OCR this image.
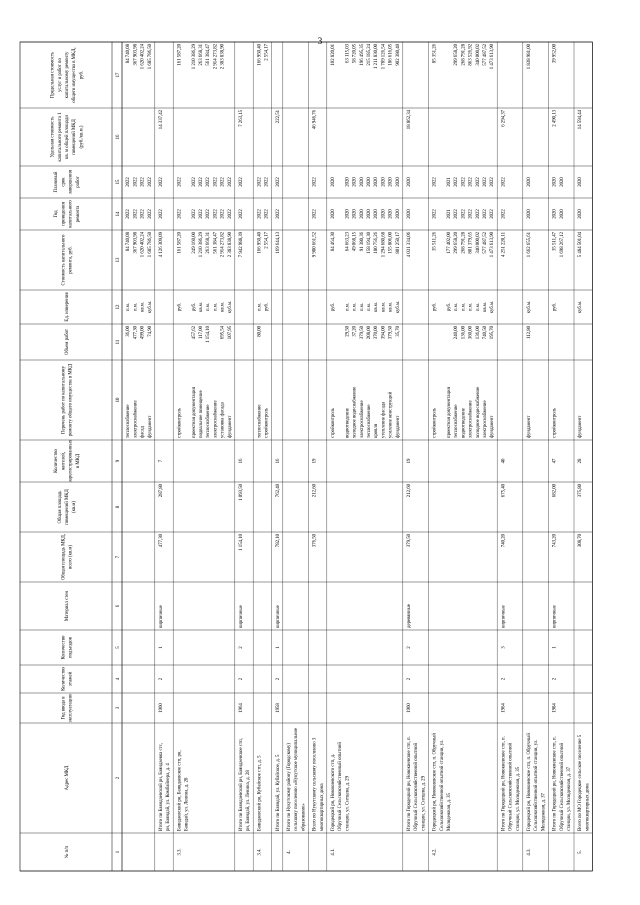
3
№ п/п
Адрес МКД
Год ввода в эксплуатацию
Количество этажей
Количество подъездов
Материал стен
Общая площадь МКД, всего (кв.м)
Общая площадь помещений МКД (кв.м)
Количество жителей, зарегистрированных в МКД
Перечень работ по капитальному ремонту общего имущества в МКД
Объем работ
Ед. измерения
Стоимость капитального ремонта, руб.
Год проведения капитального ремонта
Плановый срок завершения работ
Удельная стоимость капитального ремонта 1 кв. м общей площади помещений МКД (руб./кв.м.)
Предельная стоимость услуг и работ по капитальному ремонту общего имущества в МКД, руб.
1
2
3
4
5
6
7
8
9
10
11
12
13
14
15
16
17
теплоснабжение электроснабжение фасад фундамент
36,00 477,30 499,00 74,90
п.м. п.м. кв.м. куб.м.
84 740,08 367 903,98 1 620 402,24 1 685 786,50
2022 2022 2022 2022
2022 2022 2022 2022
84 740,08 367 903,98 1 620 402,24 1 685 786,50
Итого по Баяндаевский рн, Баяндаевка стс, рн, Баяндай, ул. Комбайнера, д. 4
1960
2
1
кирпичные
477,30
287,80
7
4 126 309,09
2022
2022
14 337,42
3.3.
Баяндаевский рн, Баяндаевское стп, рн, Баяндай, ул. Ленина, д. 28
стройконтроль проектная документация подвальное помещение теплоснабжение электроснабжение установка фасада фундамент
457,62 117,00 1 154,10 695,54 107,95
руб. руб. кв.м. п.м. п.м. кв.м. куб.м.
161 587,20 249 160,00 1 210 386,29 263 668,31 561 384,47 2 914 273,82 2 383 838,90
2022 2022 2022 2022 2022 2022 2022
2022 2022 2022 2022 2022 2022 2022
161 587,20 1 210 386,29 263 668,31 561 384,47 2 914 273,82 2 383 838,90
Итого по Баяндаевский рн, Баяндаевское стп, рн, Баяндай, ул. Ленина, д. 28
1964
2
2
кирпичные
1 154,10
1 093,50
16
7 942 988,39
2022
2022
7 263,15
3.4.
Баяндаевский рн, Кубайское стп, д. 5
теплоснабжение стройконтроль
80,00
п.м. руб.
166 950,40 2 554,17
2022 2022
2022 2022
166 950,40 2 554,17
Итого по Баяндай, ул. Кубайское, д. 5
1958
2
1
кирпичные
782,10
762,40
16
169 644,13
2022
2022
222,51
4.
Итого по Нукутскому району (Городскому) сельскому поселению «Нукутское муниципальное образование» Всего по Нукутскому сельскому поселению 3 многоквартирных дома
376,50
212,60
19
9 980 661,52
2022
2022
46 946,76
4.1.
Городецкий рн, Новокиевского стп, д. Обручный Сельскохозяйственный опытной станции, ул. Ситцева, д. 29
стройконтроль водоотведение холодное водоснабжение электроснабжение теплоснабжение кровля утепление фасада усиление конструкций фундамент
29,50 37,20 379,50 208,00 370,00 394,00 379,50 35,70
руб. п.м. п.м. п.м. п.м. кв.м. кв.м. кв.м. куб.м.
84 464,30 64 663,23 49 068,15 91 380,36 158 194,30 180 756,26 1 294 680,68 155 806,00 801 250,17
2020 2020 2020 2020 2020 2020 2020 2020 2020
2020 2020 2020 2020 2020 2020 2020 2020 2020
102 820,01 63 115,03 58 720,05 196 495,35 215 185,24 1 211 830,00 1 789 126,54 186 616,05 902 380,40
Итого по Городецкий рн, Новокиевское стп, п. Обручный Сельскохозяйственной опытной станции, ул. Ситцева, д. 29
1960
2
2
деревянные
379,50
212,60
19
4 031 334,06
2020
2020
18 862,34
4.2.
Городецкий рн, Новокиевское стп, п. Обручный Сельскохозяйственной опытной станции, ул. Молодежная, д. 35
стройконтроль проектная документация теплоснабжение водоотведение электроснабжение холодное водоснабжение электроснабжение фундамент
240,00 136,00 360,00 136,00 740,50 195,70
руб. руб. п.м. п.м. п.м. п.м. кв.м. куб.м.
35 511,26 177 402,00 299 658,20 268 791,28 801 379,65 340 000,02 577 487,52 1 473 613,90
2022 2021 2022 2022 2022 2022 2022 2022
2022 2021 2022 2022 2022 2022 2022 2022
85 351,26	299 658,20 268 791,28 863 526,92 340 000,02 577 487,52 1 473 613,90
Итого по Городецкий рн, Новокиевское стп, п. Обручный Сельскохозяйственной опытной станции, ул. Молодежная, д. 35
1964
2
3
кирпичные
740,20
675,40
40
4 251 220,11
2022
2022
6 294,37
4.3.
Городецкий рн, Новокиевское стп, п. Обручный Сельскохозяйственной опытной станции, ул. Молодежная, д. 37
фундамент
112,80
куб.м.
1 662 655,61
2020
2020
1 838 981,00
Итого по Городецкий рн, Новокиевское стп, п. Обручный Сельскохозяйственной опытной станции, ул. Молодежная, д. 37
1984
2
1
кирпичные
743,20
682,00
47
стройконтроль
руб.
35 511,47 1 698 267,12
2020 2020
2020 2020
2 490,13
39 952,00
5.
Всего по МО Городецкое сельское поселение 5 многоквартирных дома
308,70
375,80
28
фундамент
куб.м.
5 484 501,04
2020
2020
14 594,44
